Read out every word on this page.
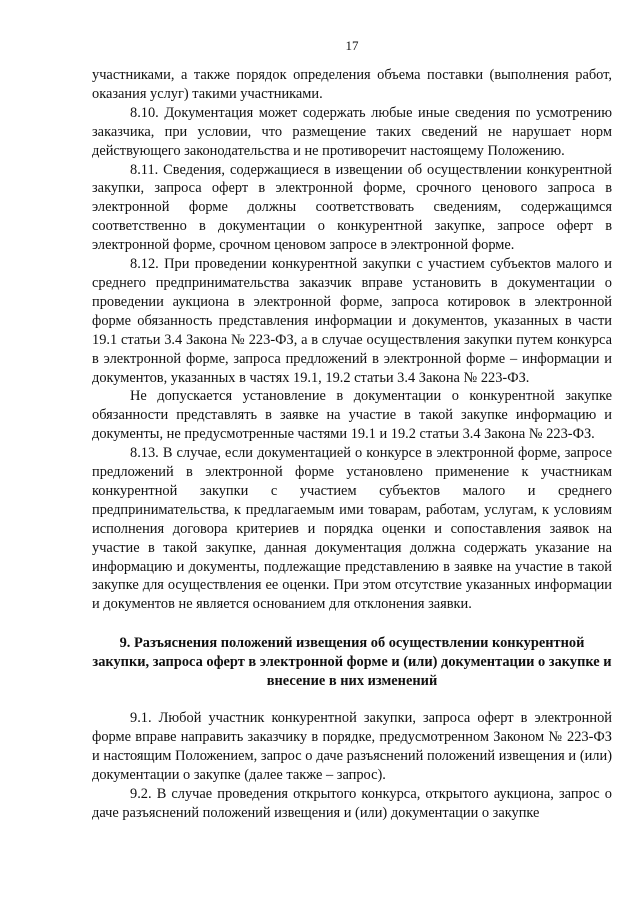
17

участниками, а также порядок определения объема поставки (выполнения работ, оказания услуг) такими участниками.

8.10. Документация может содержать любые иные сведения по усмотрению заказчика, при условии, что размещение таких сведений не нарушает норм действующего законодательства и не противоречит настоящему Положению.

8.11. Сведения, содержащиеся в извещении об осуществлении конкурентной закупки, запроса оферт в электронной форме, срочного ценового запроса в электронной форме должны соответствовать сведениям, содержащимся соответственно в документации о конкурентной закупке, запросе оферт в электронной форме, срочном ценовом запросе в электронной форме.

8.12. При проведении конкурентной закупки с участием субъектов малого и среднего предпринимательства заказчик вправе установить в документации о проведении аукциона в электронной форме, запроса котировок в электронной форме обязанность представления информации и документов, указанных в части 19.1 статьи 3.4 Закона № 223-ФЗ, а в случае осуществления закупки путем конкурса в электронной форме, запроса предложений в электронной форме – информации и документов, указанных в частях 19.1, 19.2 статьи 3.4 Закона № 223-ФЗ.

Не допускается установление в документации о конкурентной закупке обязанности представлять в заявке на участие в такой закупке информацию и документы, не предусмотренные частями 19.1 и 19.2 статьи 3.4 Закона № 223-ФЗ.

8.13. В случае, если документацией о конкурсе в электронной форме, запросе предложений в электронной форме установлено применение к участникам конкурентной закупки с участием субъектов малого и среднего предпринимательства, к предлагаемым ими товарам, работам, услугам, к условиям исполнения договора критериев и порядка оценки и сопоставления заявок на участие в такой закупке, данная документация должна содержать указание на информацию и документы, подлежащие представлению в заявке на участие в такой закупке для осуществления ее оценки. При этом отсутствие указанных информации и документов не является основанием для отклонения заявки.

9. Разъяснения положений извещения об осуществлении конкурентной закупки, запроса оферт в электронной форме и (или) документации о закупке и внесение в них изменений

9.1. Любой участник конкурентной закупки, запроса оферт в электронной форме вправе направить заказчику в порядке, предусмотренном Законом № 223-ФЗ и настоящим Положением, запрос о даче разъяснений положений извещения и (или) документации о закупке (далее также – запрос).

9.2. В случае проведения открытого конкурса, открытого аукциона, запрос о даче разъяснений положений извещения и (или) документации о закупке
